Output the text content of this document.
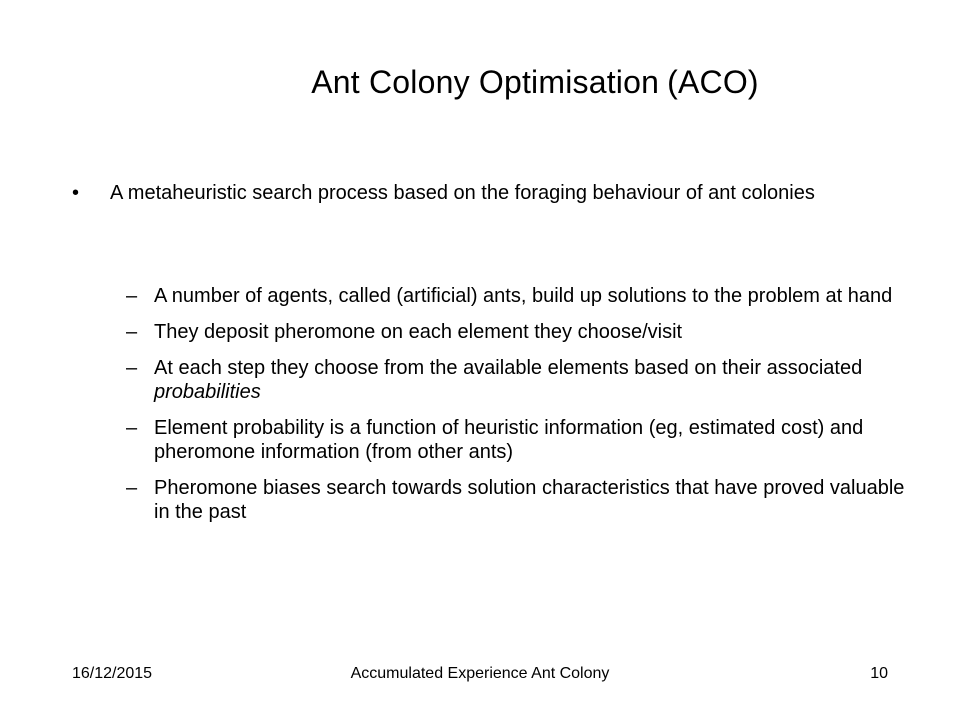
Ant Colony Optimisation (ACO)
•	A metaheuristic search process based on the foraging behaviour of ant colonies
– A number of agents, called (artificial) ants, build up solutions to the problem at hand
– They deposit pheromone on each element they choose/visit
– At each step they choose from the available elements based on their associated probabilities
– Element probability is a function of heuristic information (eg, estimated cost) and pheromone information (from other ants)
– Pheromone biases search towards solution characteristics that have proved valuable in the past
16/12/2015	Accumulated Experience Ant Colony	10
